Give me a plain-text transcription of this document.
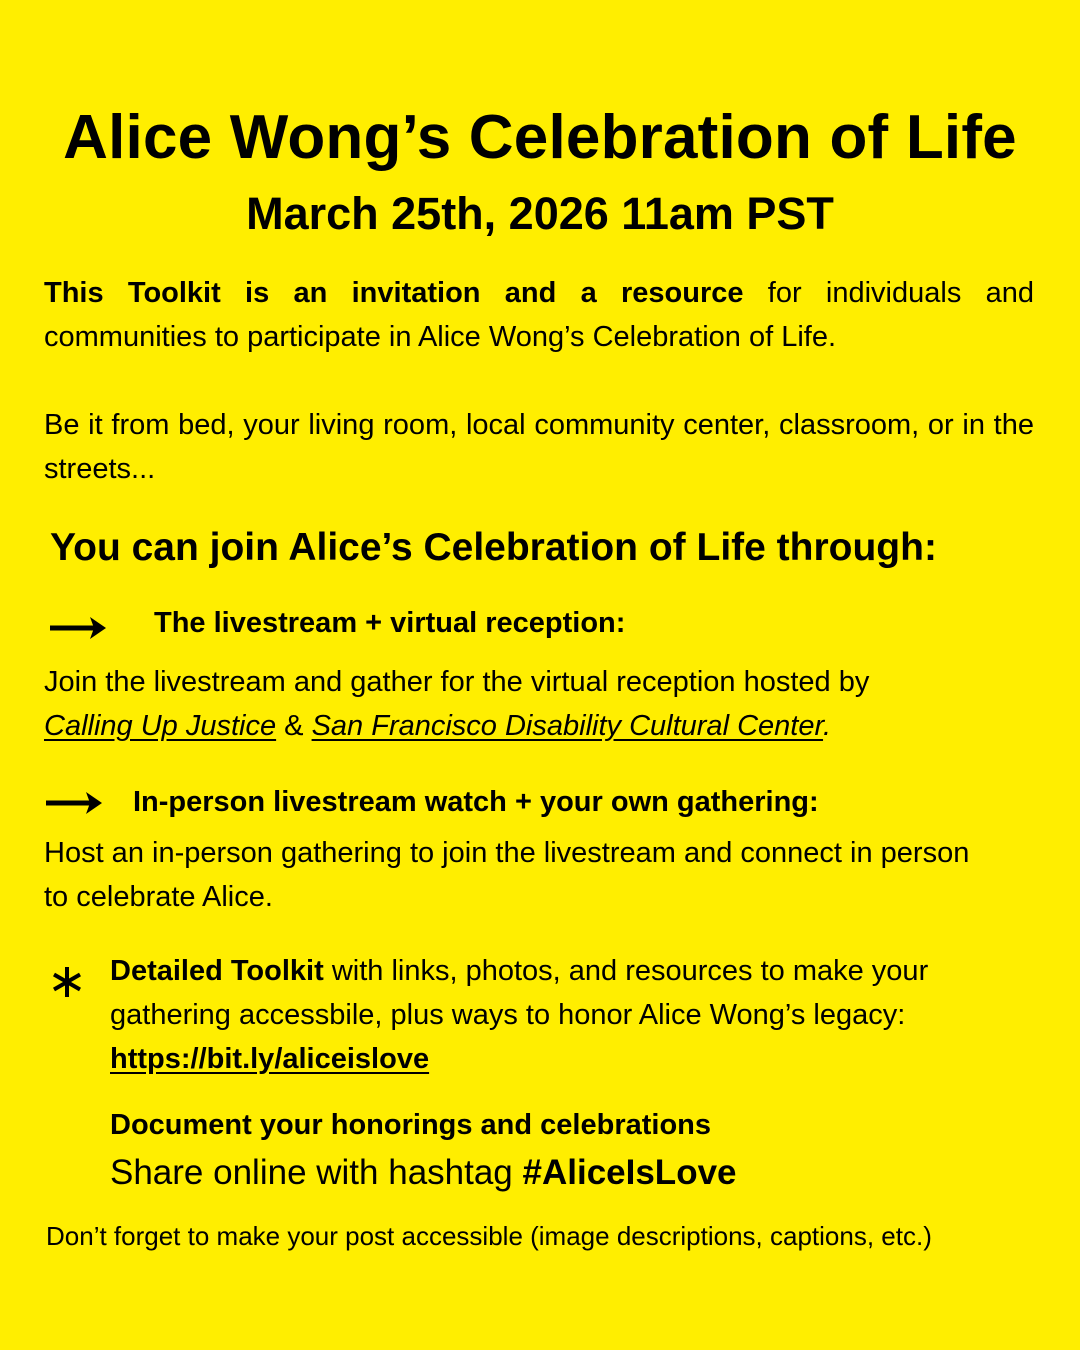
Alice Wong’s Celebration of Life
March 25th, 2026 11am PST
This Toolkit is an invitation and a resource for individuals and communities to participate in Alice Wong’s Celebration of Life.
Be it from bed, your living room, local community center, classroom, or in the streets...
You can join Alice’s Celebration of Life through:
The livestream + virtual reception:
Join the livestream and gather for the virtual reception hosted by
Calling Up Justice & San Francisco Disability Cultural Center.
In-person livestream watch + your own gathering:
Host an in-person gathering to join the livestream and connect in person to celebrate Alice.
Detailed Toolkit with links, photos, and resources to make your gathering accessbile, plus ways to honor Alice Wong’s legacy:
https://bit.ly/aliceislove
Document your honorings and celebrations
Share online with hashtag #AliceIsLove
Don’t forget to make your post accessible (image descriptions, captions, etc.)
